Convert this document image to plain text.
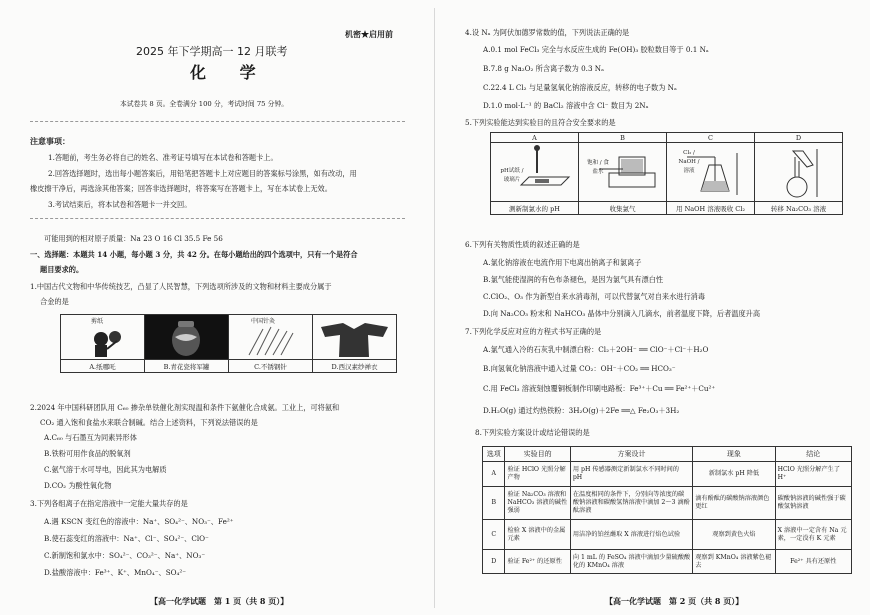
机密★启用前
2025 年下学期高一 12 月联考
化 学
本试卷共 8 页。全卷满分 100 分，考试时间 75 分钟。
注意事项：
1.答题前，考生务必将自己的姓名、准考证号填写在本试卷和答题卡上。
2.回答选择题时，选出每小题答案后，用铅笔把答题卡上对应题目的答案标号涂黑，如有改动，用
橡皮擦干净后，再选涂其他答案；回答非选择题时，将答案写在答题卡上，写在本试卷上无效。
3.考试结束后，将本试卷和答题卡一并交回。
可能用到的相对原子质量：Na 23 O 16 Cl 35.5 Fe 56
一、选择题：本题共 14 小题，每小题 3 分，共 42 分。在每小题给出的四个选项中，只有一个是符合
题目要求的。
1.中国古代文物和中华传统技艺，凸显了人民智慧，下列选项所涉及的文物和材料主要成分属于
合金的是
剪纸		中国针灸

A.纸哪吒	B.青花瓷将军罐	C.不锈钢针	D.西汉素纱禅衣
2.2024 年中国科研团队用 C₆₀ 掺杂单铁催化剂实现温和条件下氨催化合成氨。工业上，可将氨和
CO₂ 通入饱和食盐水来联合制碱。结合上述资料，下列说法错误的是
A.C₆₀ 与石墨互为同素异形体
B.铁粉可用作食品的脱氧剂
C.氨气溶于水可导电，因此其为电解质
D.CO₂ 为酸性氧化物
3.下列各组离子在指定溶液中一定能大量共存的是
A.遇 KSCN 变红色的溶液中：Na⁺、SO₄²⁻、NO₃⁻、Fe²⁺
B.使石蕊变红的溶液中：Na⁺、Cl⁻、SO₄²⁻、ClO⁻
C.新制饱和氯水中：SO₄²⁻、CO₃²⁻、Na⁺、NO₃⁻
D.盐酸溶液中：Fe³⁺、K⁺、MnO₄⁻、SO₄²⁻
【高一化学试题　第 1 页（共 8 页）】
4.设 Nₐ 为阿伏加德罗常数的值，下列说法正确的是
A.0.1 mol FeCl₃ 完全与水反应生成的 Fe(OH)₃ 胶粒数目等于 0.1 Nₐ
B.7.8 g Na₂O₂ 所含离子数为 0.3 Nₐ
C.22.4 L Cl₂ 与足量氢氧化钠溶液反应，转移的电子数为 Nₐ
D.1.0 mol·L⁻¹ 的 BaCl₂ 溶液中含 Cl⁻ 数目为 2Nₐ
5.下列实验能达到实验目的且符合安全要求的是
A	B	C	D

pH试纸 / 玻璃片	饱和 / 食盐水	Cl₂ / NaOH / 溶液

测新制氯水的 pH	收集氯气	用 NaOH 溶液吸收 Cl₂	转移 Na₂CO₃ 溶液
6.下列有关物质性质的叙述正确的是
A.氯化钠溶液在电流作用下电离出钠离子和氯离子
B.氯气能使湿润的有色布条褪色，是因为氯气具有漂白性
C.ClO₂、O₃ 作为新型自来水消毒剂，可以代替氯气对自来水进行消毒
D.向 Na₂CO₃ 粉末和 NaHCO₃ 晶体中分别滴入几滴水，前者温度下降，后者温度升高
7.下列化学反应对应的方程式书写正确的是
A.氯气通入冷的石灰乳中制漂白粉：Cl₂＋2OH⁻ ══ ClO⁻＋Cl⁻＋H₂O
B.向氢氧化钠溶液中通入过量 CO₂：OH⁻＋CO₂ ══ HCO₃⁻
C.用 FeCl₃ 溶液刻蚀覆铜板制作印刷电路板：Fe³⁺＋Cu ══ Fe²⁺＋Cu²⁺
D.H₂O(g) 通过灼热铁粉：3H₂O(g)＋2Fe ══△ Fe₂O₃＋3H₂
8.下列实验方案设计或结论错误的是
选项	实验目的	方案设计	现象	结论
A	验证 HClO 光照分解产物	用 pH 传感器测定新制氯水不同时间的 pH	新制氯水 pH 降低	HClO 光照分解产生了 H⁺
B	验证 Na₂CO₃ 溶液和 NaHCO₃ 溶液的碱性强弱	在温度相同的条件下，分别向等浓度的碳酸钠溶液和碳酸氢钠溶液中滴加 2～3 滴酚酞溶液	滴有酚酞的碳酸钠溶液颜色更红	碳酸钠溶液的碱性强于碳酸氢钠溶液
C	检验 X 溶液中的金属元素	用洁净的铂丝蘸取 X 溶液进行焰色试验	观察到黄色火焰	X 溶液中一定含有 Na 元素，一定没有 K 元素
D	验证 Fe²⁺ 的还原性	向 1 mL 的 FeSO₄ 溶液中滴加少量硫酸酸化的 KMnO₄ 溶液	观察到 KMnO₄ 溶液紫色褪去	Fe²⁺ 具有还原性
【高一化学试题　第 2 页（共 8 页）】
